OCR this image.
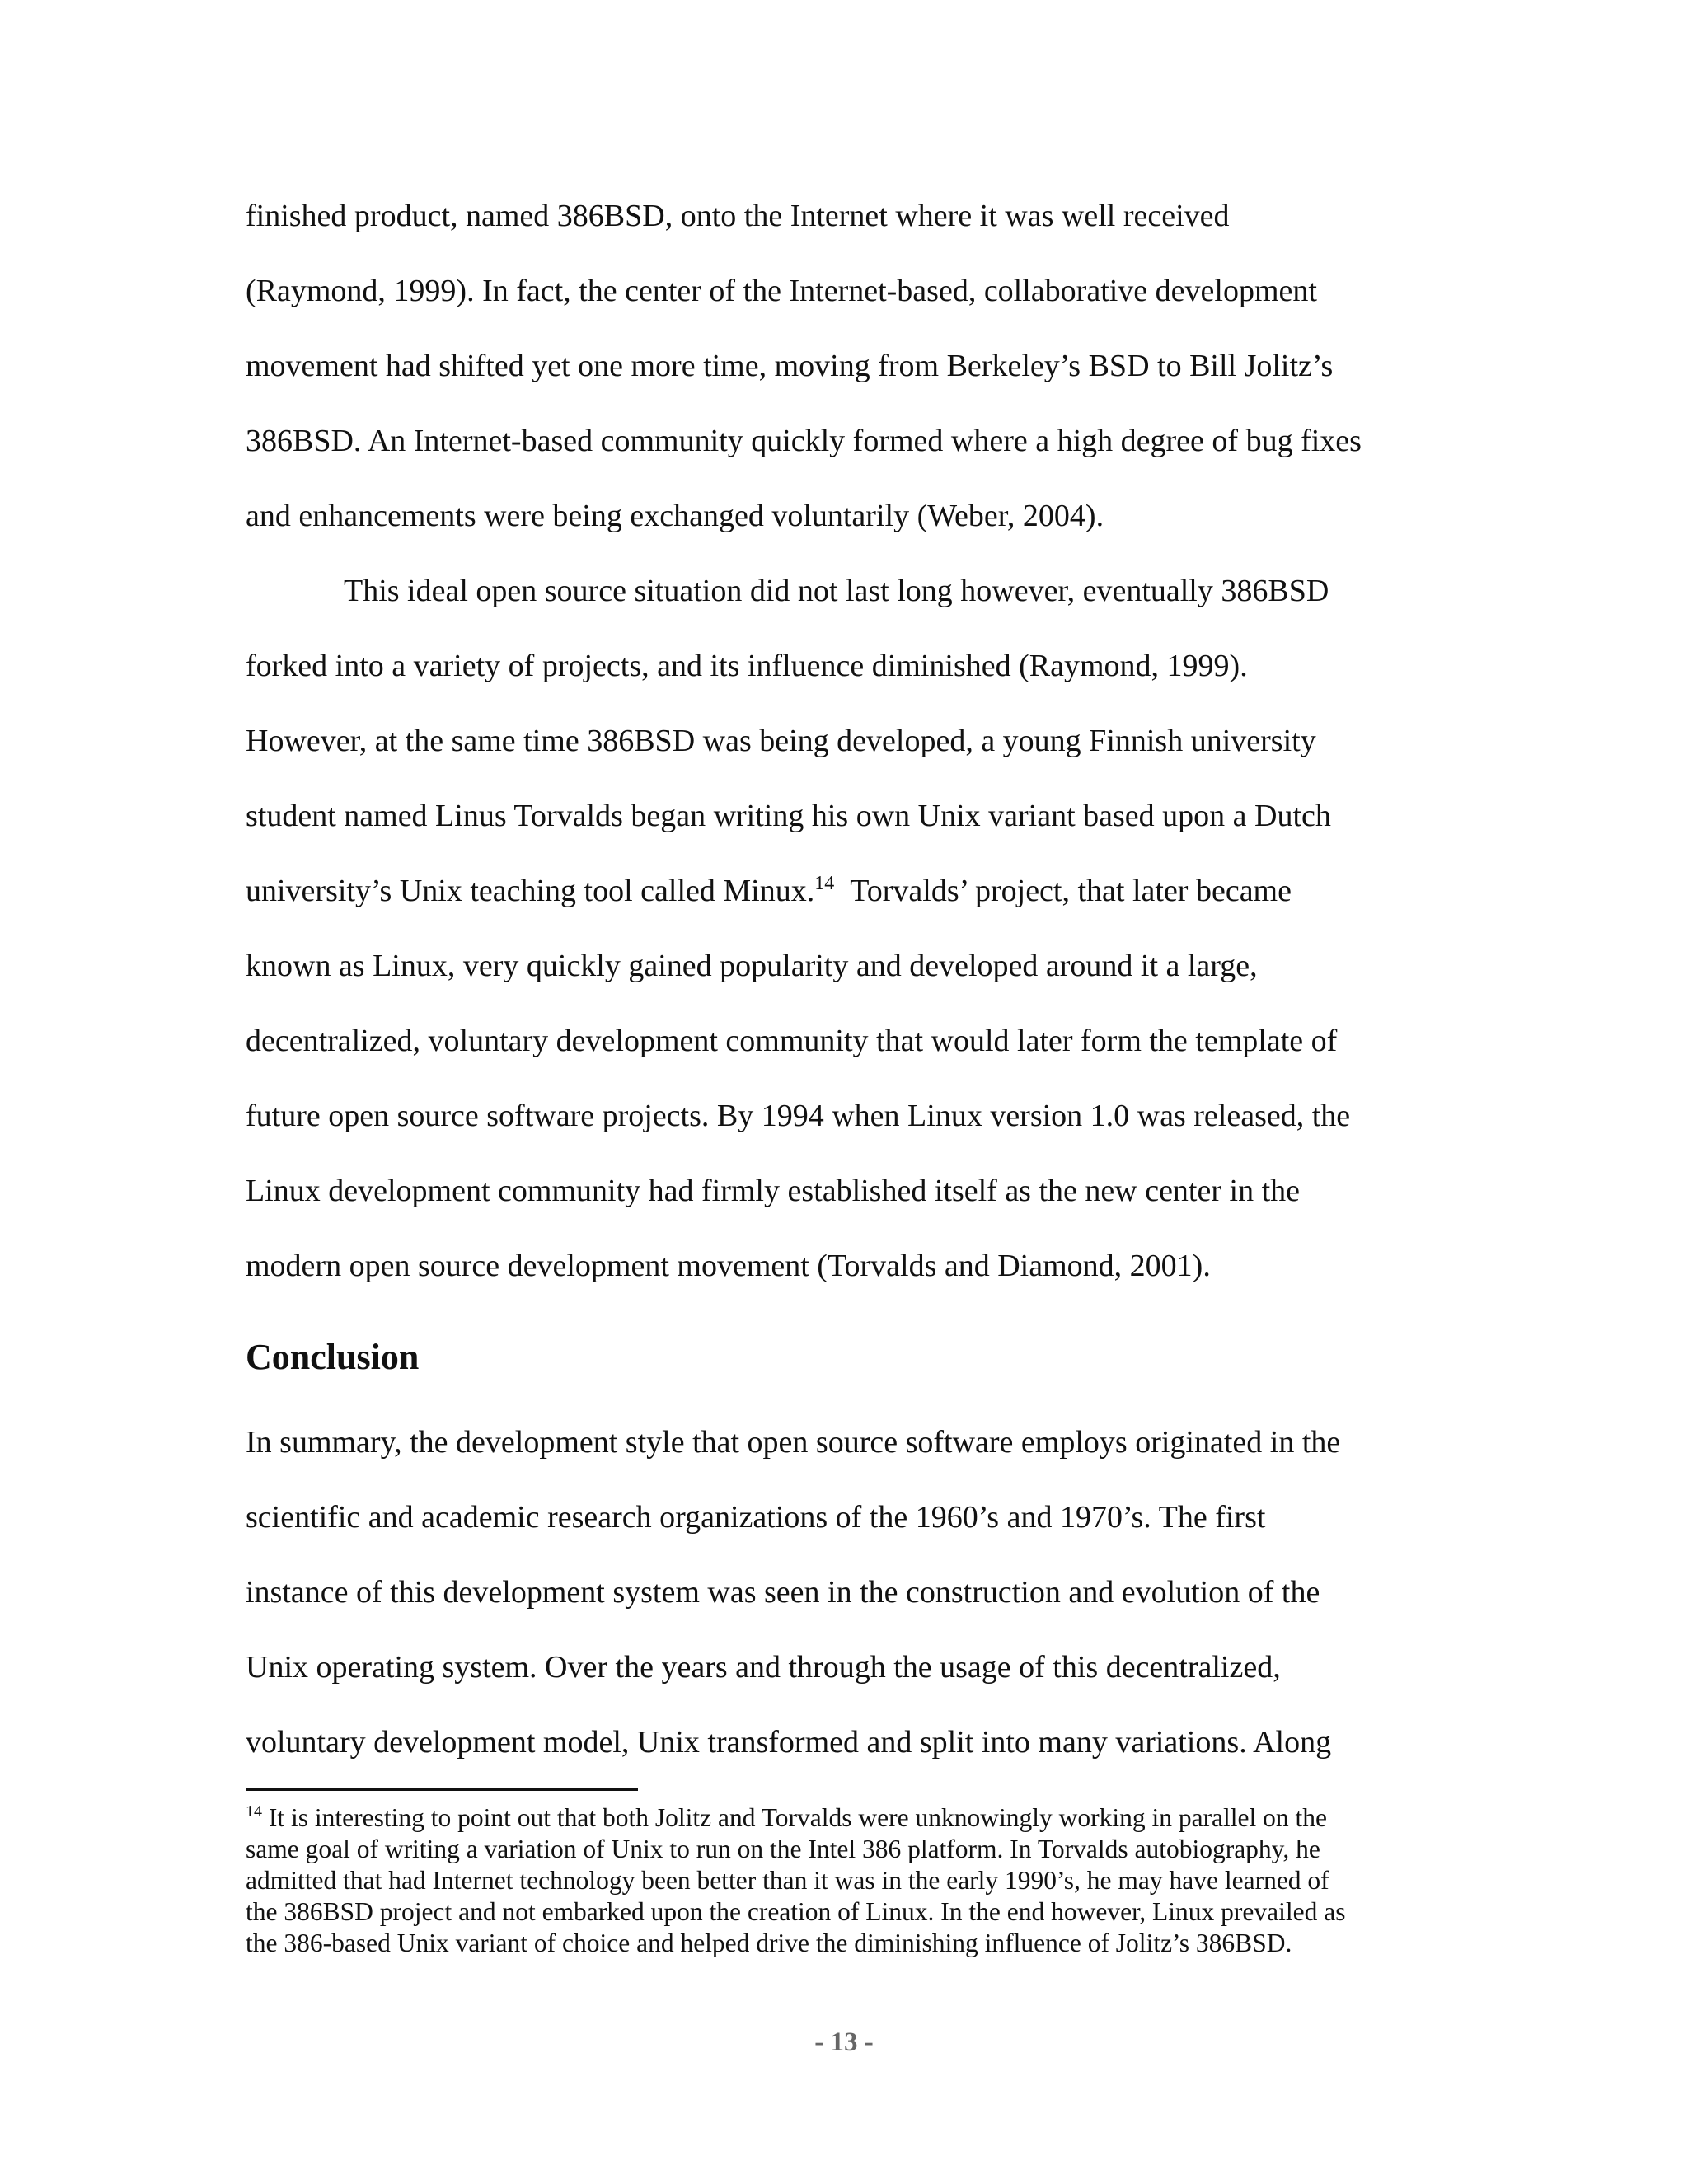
finished product, named 386BSD, onto the Internet where it was well received
(Raymond, 1999). In fact, the center of the Internet-based, collaborative development
movement had shifted yet one more time, moving from Berkeley’s BSD to Bill Jolitz’s
386BSD. An Internet-based community quickly formed where a high degree of bug fixes
and enhancements were being exchanged voluntarily (Weber, 2004).
This ideal open source situation did not last long however, eventually 386BSD
forked into a variety of projects, and its influence diminished (Raymond, 1999).
However, at the same time 386BSD was being developed, a young Finnish university
student named Linus Torvalds began writing his own Unix variant based upon a Dutch
university’s Unix teaching tool called Minux.$^{14}$ Torvalds’ project, that later became
known as Linux, very quickly gained popularity and developed around it a large,
decentralized, voluntary development community that would later form the template of
future open source software projects. By 1994 when Linux version 1.0 was released, the
Linux development community had firmly established itself as the new center in the
modern open source development movement (Torvalds and Diamond, 2001).
Conclusion
In summary, the development style that open source software employs originated in the
scientific and academic research organizations of the 1960’s and 1970’s. The first
instance of this development system was seen in the construction and evolution of the
Unix operating system. Over the years and through the usage of this decentralized,
voluntary development model, Unix transformed and split into many variations. Along
$^{14}$ It is interesting to point out that both Jolitz and Torvalds were unknowingly working in parallel on the
same goal of writing a variation of Unix to run on the Intel 386 platform. In Torvalds autobiography, he
admitted that had Internet technology been better than it was in the early 1990’s, he may have learned of
the 386BSD project and not embarked upon the creation of Linux. In the end however, Linux prevailed as
the 386-based Unix variant of choice and helped drive the diminishing influence of Jolitz’s 386BSD.
- 13 -
